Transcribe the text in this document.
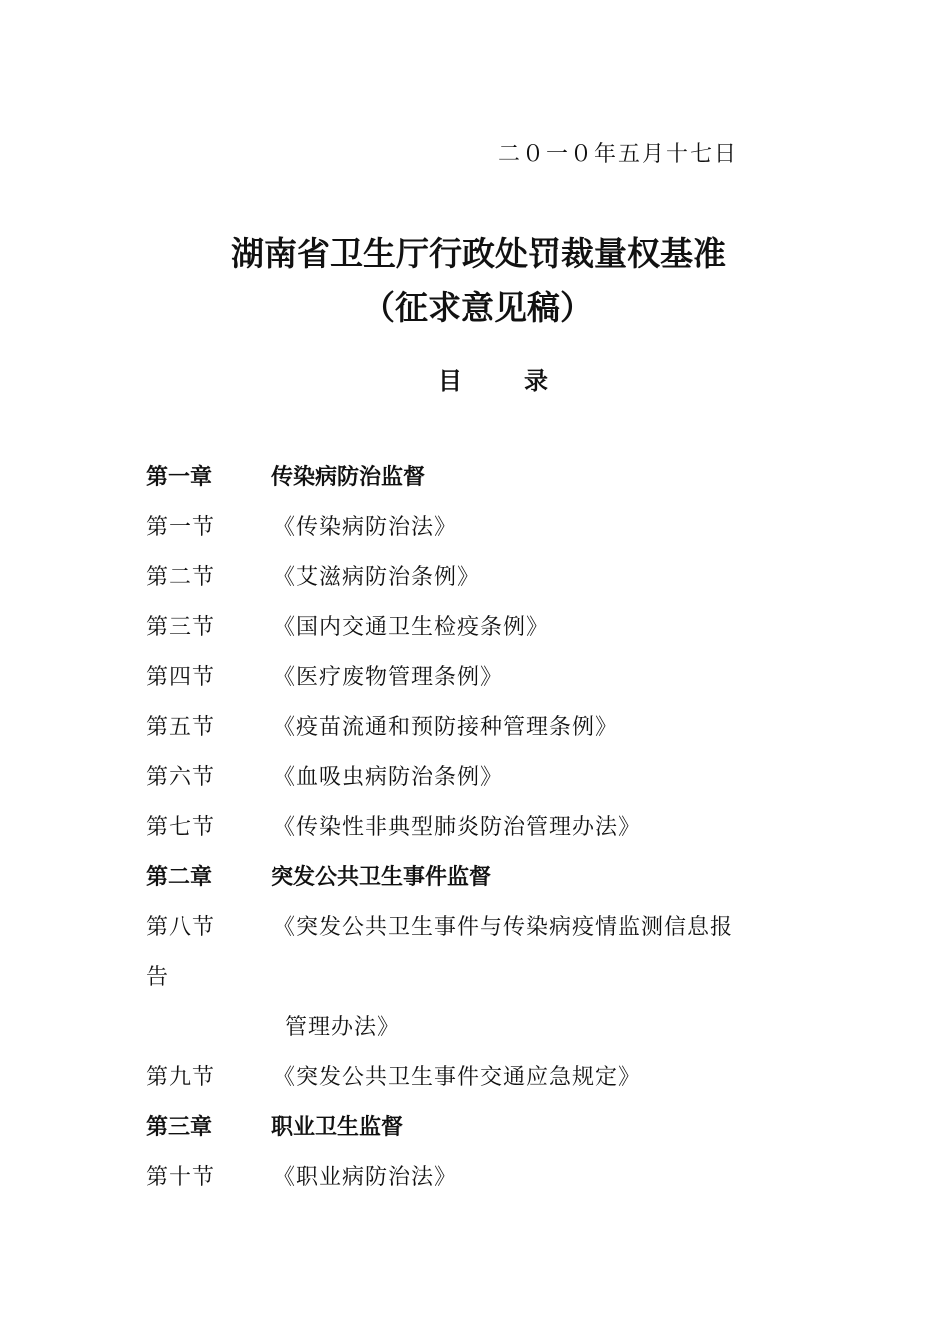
二０一０年五月十七日
湖南省卫生厅行政处罚裁量权基准
（征求意见稿）
目	录
第一章	传染病防治监督
第一节	《传染病防治法》
第二节	《艾滋病防治条例》
第三节	《国内交通卫生检疫条例》
第四节	《医疗废物管理条例》
第五节	《疫苗流通和预防接种管理条例》
第六节	《血吸虫病防治条例》
第七节	《传染性非典型肺炎防治管理办法》
第二章	突发公共卫生事件监督
第八节	《突发公共卫生事件与传染病疫情监测信息报
告
管理办法》
第九节	《突发公共卫生事件交通应急规定》
第三章	职业卫生监督
第十节	《职业病防治法》
